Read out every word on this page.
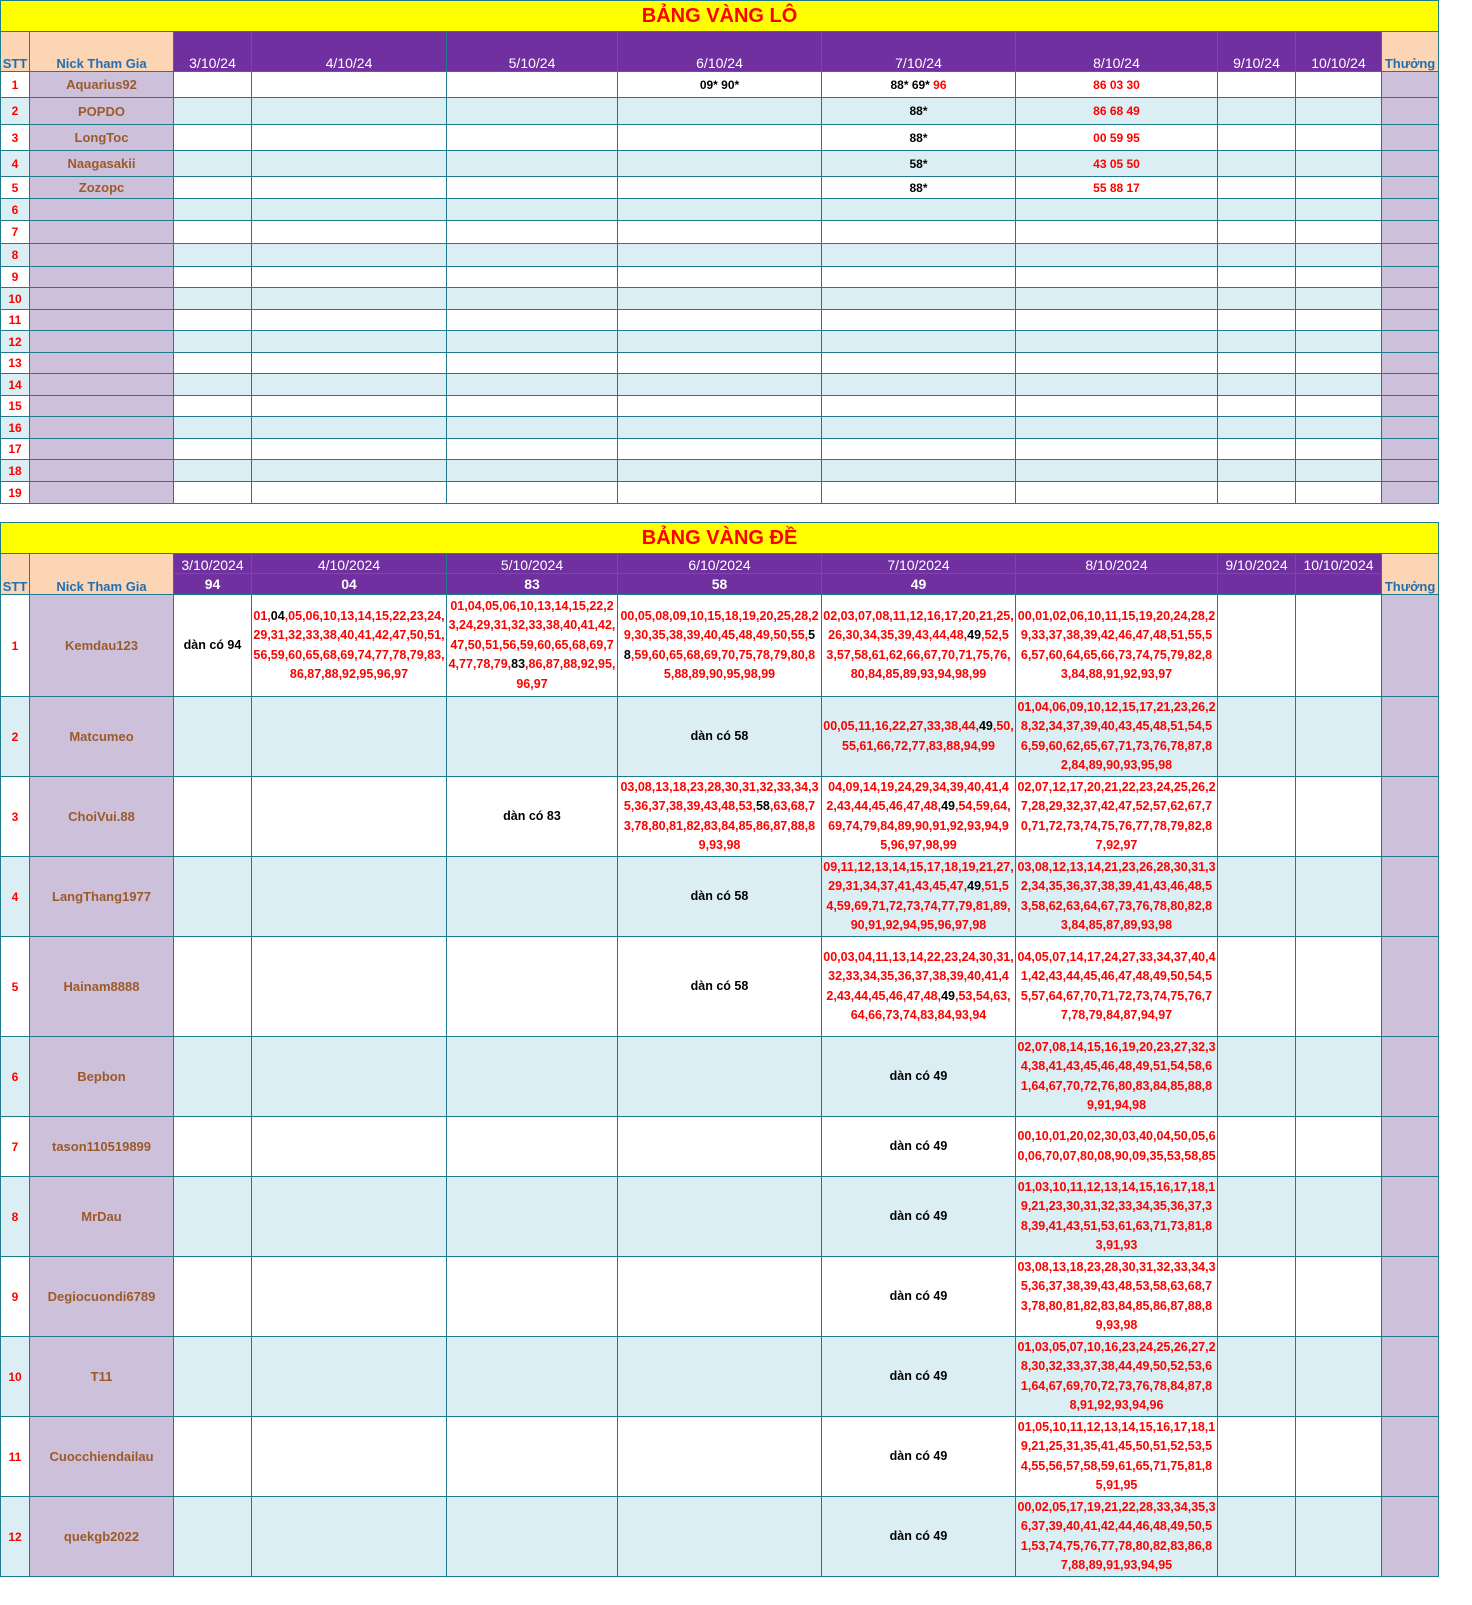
BẢNG VÀNG LÔ										
STT	Nick Tham Gia	3/10/24	4/10/24	5/10/24	6/10/24	7/10/24	8/10/24	9/10/24	10/10/24	Thưởng
1	Aquarius92				09* 90*	88* 69* 96	86 03 30			
2	POPDO					88*	86 68 49			
3	LongToc					88*	00 59 95			
4	Naagasakii					58*	43 05 50			
5	Zozopc					88*	55 88 17			
6										
7										
8										
9										
10										
11										
12										
13										
14										
15										
16										
17										
18										
19										
BẢNG VÀNG ĐỀ										
STT	Nick Tham Gia	3/10/2024	4/10/2024	5/10/2024	6/10/2024	7/10/2024	8/10/2024	9/10/2024	10/10/2024	Thưởng
		94	04	83	58	49				
1	Kemdau123	dàn có 94	01,04,05,06,10,13,14,15,22,23,24,29,31,32,33,38,40,41,42,47,50,51,56,59,60,65,68,69,74,77,78,79,83,86,87,88,92,95,96,97	01,04,05,06,10,13,14,15,22,23,24,29,31,32,33,38,40,41,42,47,50,51,56,59,60,65,68,69,74,77,78,79,83,86,87,88,92,95,96,97	00,05,08,09,10,15,18,19,20,25,28,29,30,35,38,39,40,45,48,49,50,55,58,59,60,65,68,69,70,75,78,79,80,85,88,89,90,95,98,99	02,03,07,08,11,12,16,17,20,21,25,26,30,34,35,39,43,44,48,49,52,53,57,58,61,62,66,67,70,71,75,76,80,84,85,89,93,94,98,99	00,01,02,06,10,11,15,19,20,24,28,29,33,37,38,39,42,46,47,48,51,55,56,57,60,64,65,66,73,74,75,79,82,83,84,88,91,92,93,97			
2	Matcumeo				dàn có 58	00,05,11,16,22,27,33,38,44,49,50,55,61,66,72,77,83,88,94,99	01,04,06,09,10,12,15,17,21,23,26,28,32,34,37,39,40,43,45,48,51,54,56,59,60,62,65,67,71,73,76,78,87,82,84,89,90,93,95,98			
3	ChoiVui.88			dàn có 83	03,08,13,18,23,28,30,31,32,33,34,35,36,37,38,39,43,48,53,58,63,68,73,78,80,81,82,83,84,85,86,87,88,89,93,98	04,09,14,19,24,29,34,39,40,41,42,43,44,45,46,47,48,49,54,59,64,69,74,79,84,89,90,91,92,93,94,95,96,97,98,99	02,07,12,17,20,21,22,23,24,25,26,27,28,29,32,37,42,47,52,57,62,67,70,71,72,73,74,75,76,77,78,79,82,87,92,97			
4	LangThang1977				dàn có 58	09,11,12,13,14,15,17,18,19,21,27,29,31,34,37,41,43,45,47,49,51,54,59,69,71,72,73,74,77,79,81,89,90,91,92,94,95,96,97,98	03,08,12,13,14,21,23,26,28,30,31,32,34,35,36,37,38,39,41,43,46,48,53,58,62,63,64,67,73,76,78,80,82,83,84,85,87,89,93,98			
5	Hainam8888				dàn có 58	00,03,04,11,13,14,22,23,24,30,31,32,33,34,35,36,37,38,39,40,41,42,43,44,45,46,47,48,49,53,54,63,64,66,73,74,83,84,93,94	04,05,07,14,17,24,27,33,34,37,40,41,42,43,44,45,46,47,48,49,50,54,55,57,64,67,70,71,72,73,74,75,76,77,78,79,84,87,94,97			
6	Bepbon					dàn có 49	02,07,08,14,15,16,19,20,23,27,32,34,38,41,43,45,46,48,49,51,54,58,61,64,67,70,72,76,80,83,84,85,88,89,91,94,98			
7	tason110519899					dàn có 49	00,10,01,20,02,30,03,40,04,50,05,60,06,70,07,80,08,90,09,35,53,58,85			
8	MrDau					dàn có 49	01,03,10,11,12,13,14,15,16,17,18,19,21,23,30,31,32,33,34,35,36,37,38,39,41,43,51,53,61,63,71,73,81,83,91,93			
9	Degiocuondi6789					dàn có 49	03,08,13,18,23,28,30,31,32,33,34,35,36,37,38,39,43,48,53,58,63,68,73,78,80,81,82,83,84,85,86,87,88,89,93,98			
10	T11					dàn có 49	01,03,05,07,10,16,23,24,25,26,27,28,30,32,33,37,38,44,49,50,52,53,61,64,67,69,70,72,73,76,78,84,87,88,91,92,93,94,96			
11	Cuocchiendailau					dàn có 49	01,05,10,11,12,13,14,15,16,17,18,19,21,25,31,35,41,45,50,51,52,53,54,55,56,57,58,59,61,65,71,75,81,85,91,95			
12	quekgb2022					dàn có 49	00,02,05,17,19,21,22,28,33,34,35,36,37,39,40,41,42,44,46,48,49,50,51,53,74,75,76,77,78,80,82,83,86,87,88,89,91,93,94,95			
